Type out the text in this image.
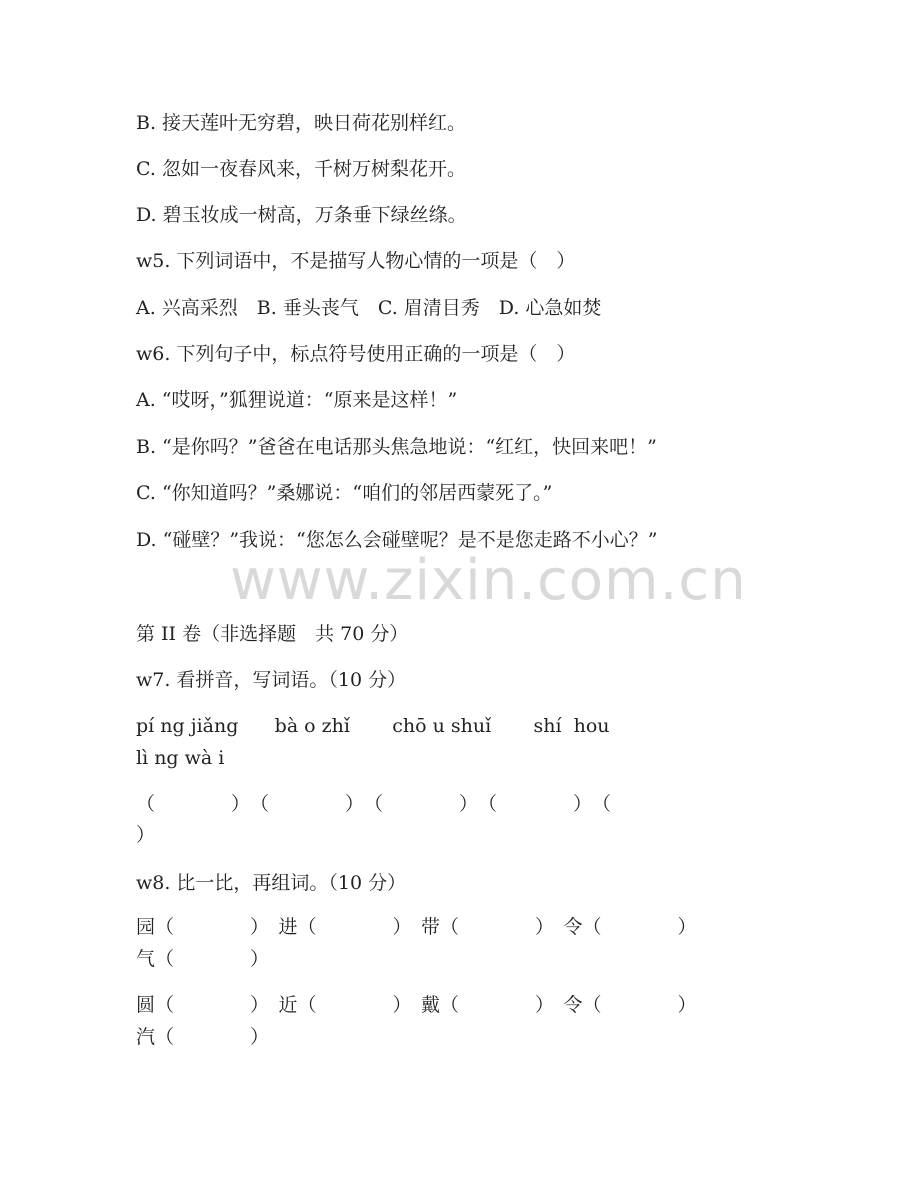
B. 接天莲叶无穷碧，映日荷花别样红。
C. 忽如一夜春风来，千树万树梨花开。
D. 碧玉妆成一树高，万条垂下绿丝绦。
w5. 下列词语中，不是描写人物心情的一项是（　）
A. 兴高采烈　B. 垂头丧气　C. 眉清目秀　D. 心急如焚
w6. 下列句子中，标点符号使用正确的一项是（　）
A. “哎呀，”狐狸说道：“原来是这样！”
B. “是你吗？”爸爸在电话那头焦急地说：“红红，快回来吧！”
C. “你知道吗？”桑娜说：“咱们的邻居西蒙死了。”
D. “碰壁？”我说：“您怎么会碰壁呢？是不是您走路不小心？”
www.zixin.com.cn
第 II 卷（非选择题　共 70 分）
w7. 看拼音，写词语。（10 分）
pí ng jiǎng      bà o zhǐ       chō u shuǐ       shí  hou
lì ng wà i
（　　　　）　（　　　　）　（　　　　）　（　　　　）　（
）
w8. 比一比，再组词。（10 分）
园（　　　　）　进（　　　　）　带（　　　　）　令（　　　　）
气（　　　　）
圆（　　　　）　近（　　　　）　戴（　　　　）　令（　　　　）
汽（　　　　）
